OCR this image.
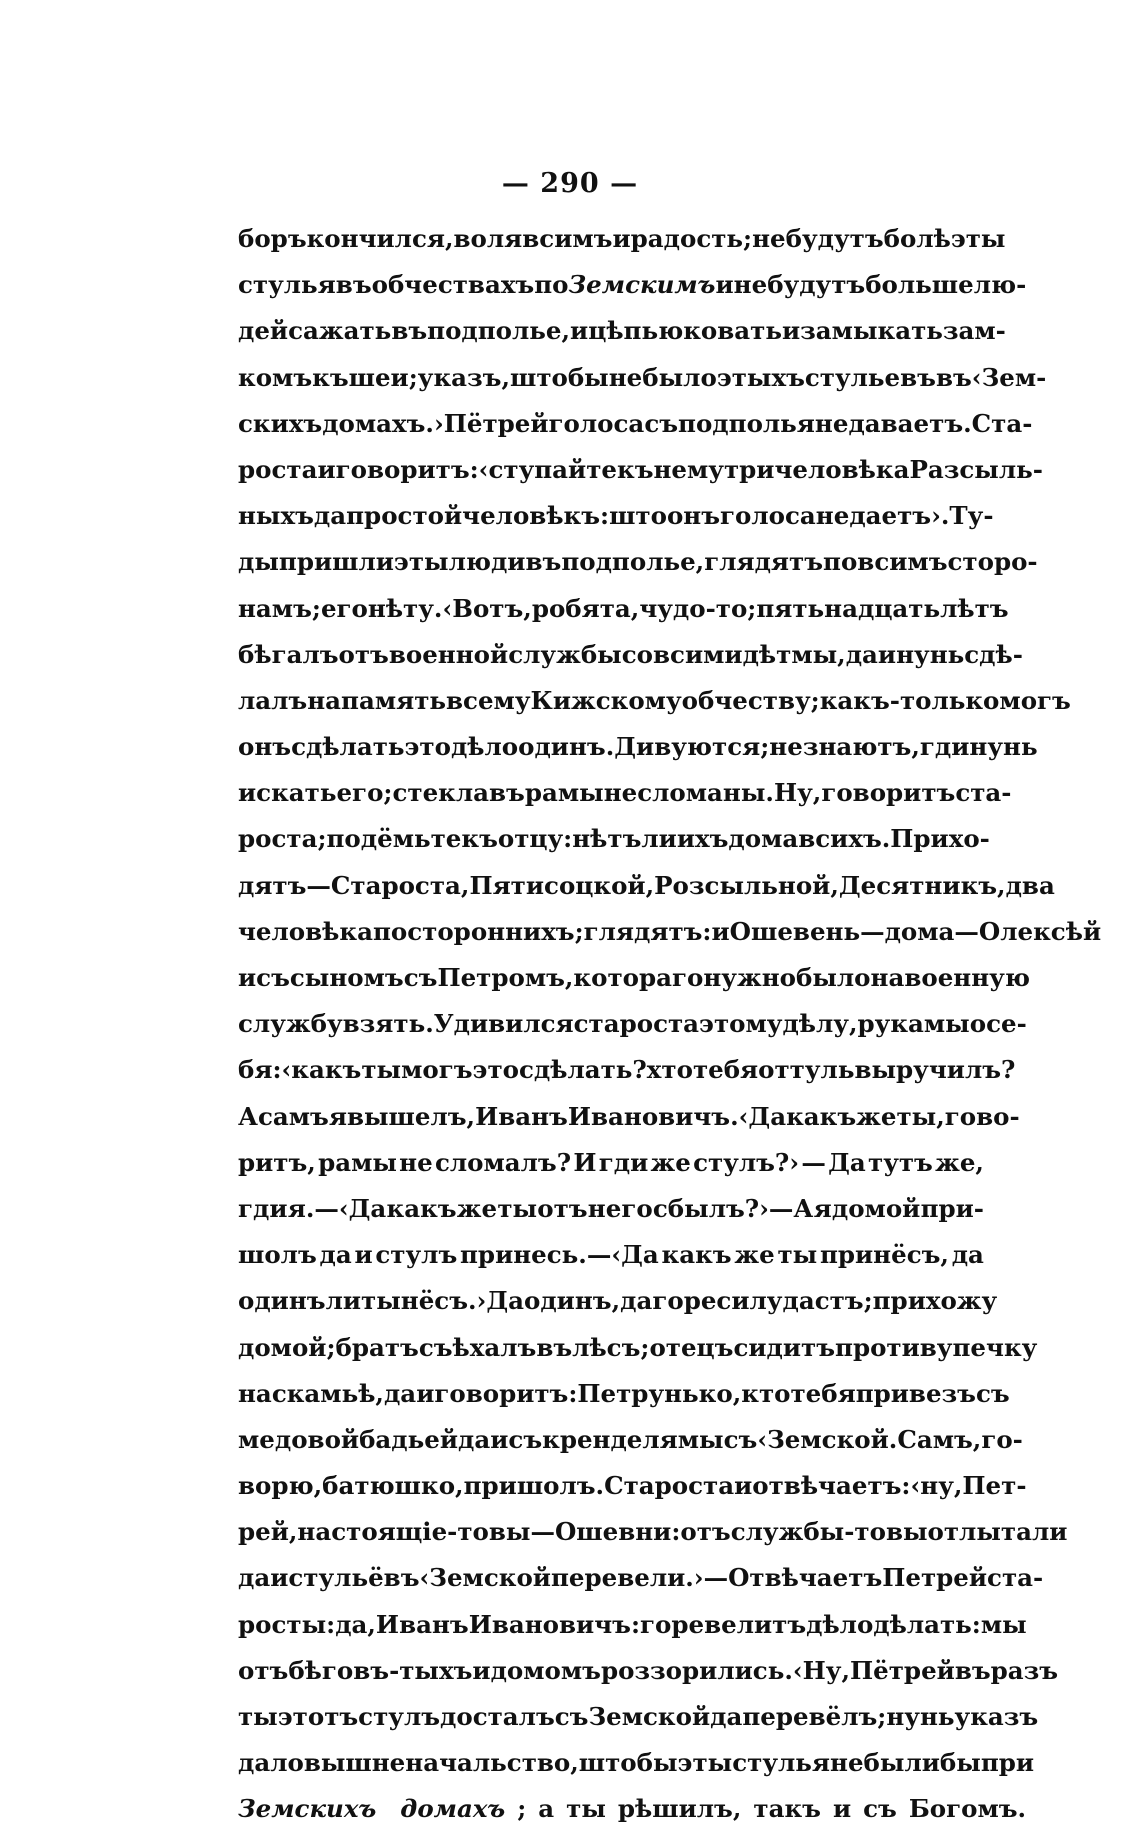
— 290 —
боръ кончился, воля всимъ и радость; не будутъ болѣ эты
стулья въ обчествахъ по Земскимъ и не будутъ больше лю-
дей сажать въ подполье, и цѣпью ковать и замыкать зам-
комъ къ шеи; указъ, штобы не было этыхъ стульевъ въ ‹Зем-
скихъ домахъ.› Пётрей голоса съ подполья не даваетъ. Ста-
роста и говоритъ: ‹ступайте къ нему три человѣка Разсыль-
ныхъ да простой человѣкъ: што онъ голоса не даетъ›. Ту-
ды пришли эты люди въ подполье, глядятъ по всимъ сторо-
намъ; его нѣту. ‹Вотъ, робята, чудо-то; пятьнадцать лѣтъ
бѣгалъ отъ военной службы со всими дѣтмы, да и нунь сдѣ-
лалъ на память всему Кижскому обчеству; какъ-только могъ
онъ сдѣлать это дѣло одинъ. Дивуются; не знаютъ, гди нунь
искать его; стекла въ рамы не сломаны. Ну, говоритъ ста-
роста; подёмьте къ отцу: нѣтъ ли ихъ дома всихъ. Прихо-
дятъ—Староста, Пятисоцкой, Розсыльной, Десятникъ, два
человѣка посторонниxъ; глядятъ: и Ошевень—дома—Олексѣй
и съ сыномъ съ Петромъ, котораго нужно было на военную
службу взять. Удивился староста этому дѣлу, рукамы о се-
бя: ‹какъ ты могъ это сдѣлать? хто тебя оттуль выручилъ?
А самъ я вышелъ, Иванъ Ивановичъ. ‹Да какъ же ты, гово-
ритъ, рамы не сломалъ? И гди же стулъ?› — Да тутъ же,
гди я.—‹Да какъ же ты отъ него сбылъ?›—А я домой при-
шолъ да и стулъ принесь.—‹Да какъ же ты принёсъ, да
одинъ ли ты нёсъ.› Да одинъ, да горе силу дастъ; прихожу
домой; братъ съѣхалъ въ лѣсъ; отецъ сидитъ противу печку
на скамьѣ, да и говоритъ: Петрунько, кто тебя привезъ съ
медовой бадьей да и съ кренделямы съ ‹Земской. Самъ, го-
ворю, батюшко, пришолъ. Староста и отвѣчаетъ: ‹ну, Пет-
рей, настоящіе-то вы—Ошевни: отъ службы-то вы отлытали
да и стульё въ ‹Земской перевели.›—Отвѣчаетъ Петрей ста-
росты: да, Иванъ Ивановичъ: горе велитъ дѣло дѣлать: мы
отъ бѣговъ-тыхъ и домомъ роззорились. ‹Ну, Пётрей въ разъ
ты этотъ стулъ досталъ съ Земской да перевёлъ; нунь указъ
дало вышне начальство, штобы эты стулья не были бы при
Земскихъ домахъ ; а ты рѣшилъ, такъ и съ Богомъ.
